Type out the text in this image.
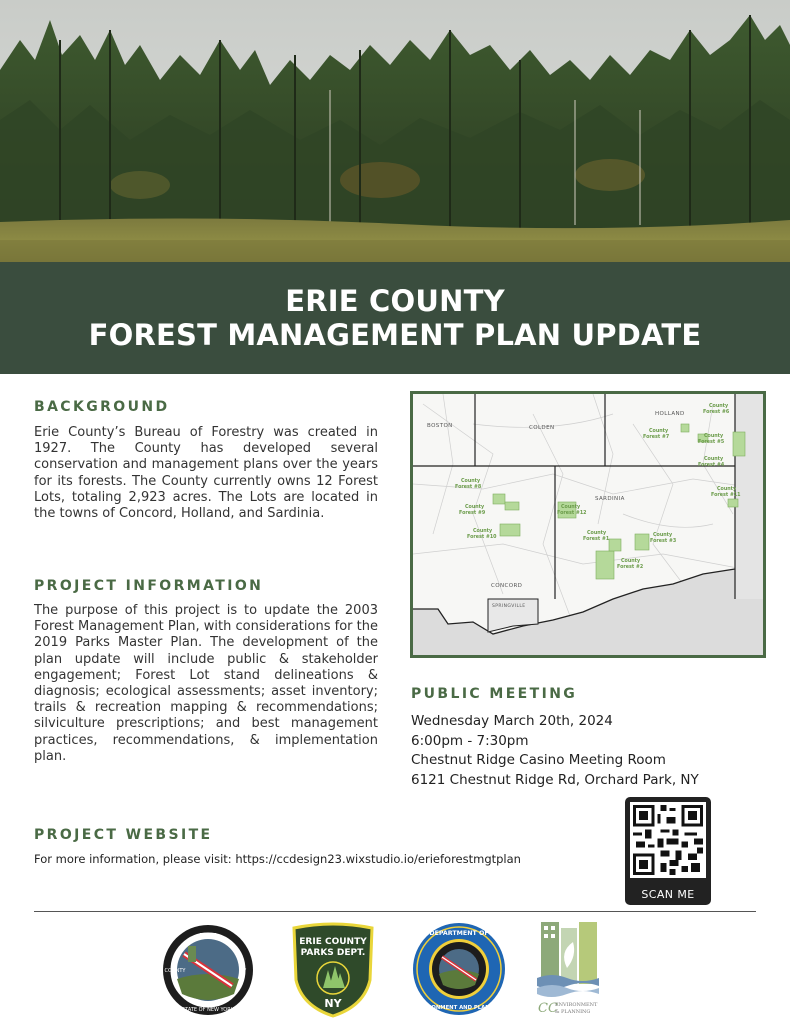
ERIE COUNTY
FOREST MANAGEMENT PLAN UPDATE
BACKGROUND
Erie County’s Bureau of Forestry was created in 1927. The County has developed several conservation and management plans over the years for its forests. The County currently owns 12 Forest Lots, totaling 2,923 acres. The Lots are located in the towns of Concord, Holland, and Sardinia.
PROJECT INFORMATION
The purpose of this project is to update the 2003 Forest Management Plan, with considerations for the 2019 Parks Master Plan. The development of the plan update will include public & stakeholder engagement; Forest Lot stand delineations & diagnosis; ecological assessments; asset inventory; trails & recreation mapping & recommendations; silviculture prescriptions; and best management practices, recommendations, & implementation plan.
BOSTON	COLDEN
HOLLAND
SARDINIA
CONCORD
SPRINGVILLE
County
Forest #6
County
Forest #7	County
Forest #5
County
Forest #4
County
Forest #11
County
Forest #8
County
Forest #9
County
Forest #10
County
Forest #12
County
Forest #1
County
Forest #3
County
Forest #2
PUBLIC MEETING
Wednesday March 20th, 2024
6:00pm - 7:30pm
Chestnut Ridge Casino Meeting Room
6121 Chestnut Ridge Rd, Orchard Park, NY
PROJECT WEBSITE
For more information, please visit: https://ccdesign23.wixstudio.io/erieforestmgtplan
SCAN ME
ERIE
COUNTY	OF
STATE OF NEW YORK
ERIE COUNTY
PARKS DEPT.
NY
DEPARTMENT OF
ENVIRONMENT AND PLANNING	CC
ENVIRONMENT
& PLANNING
